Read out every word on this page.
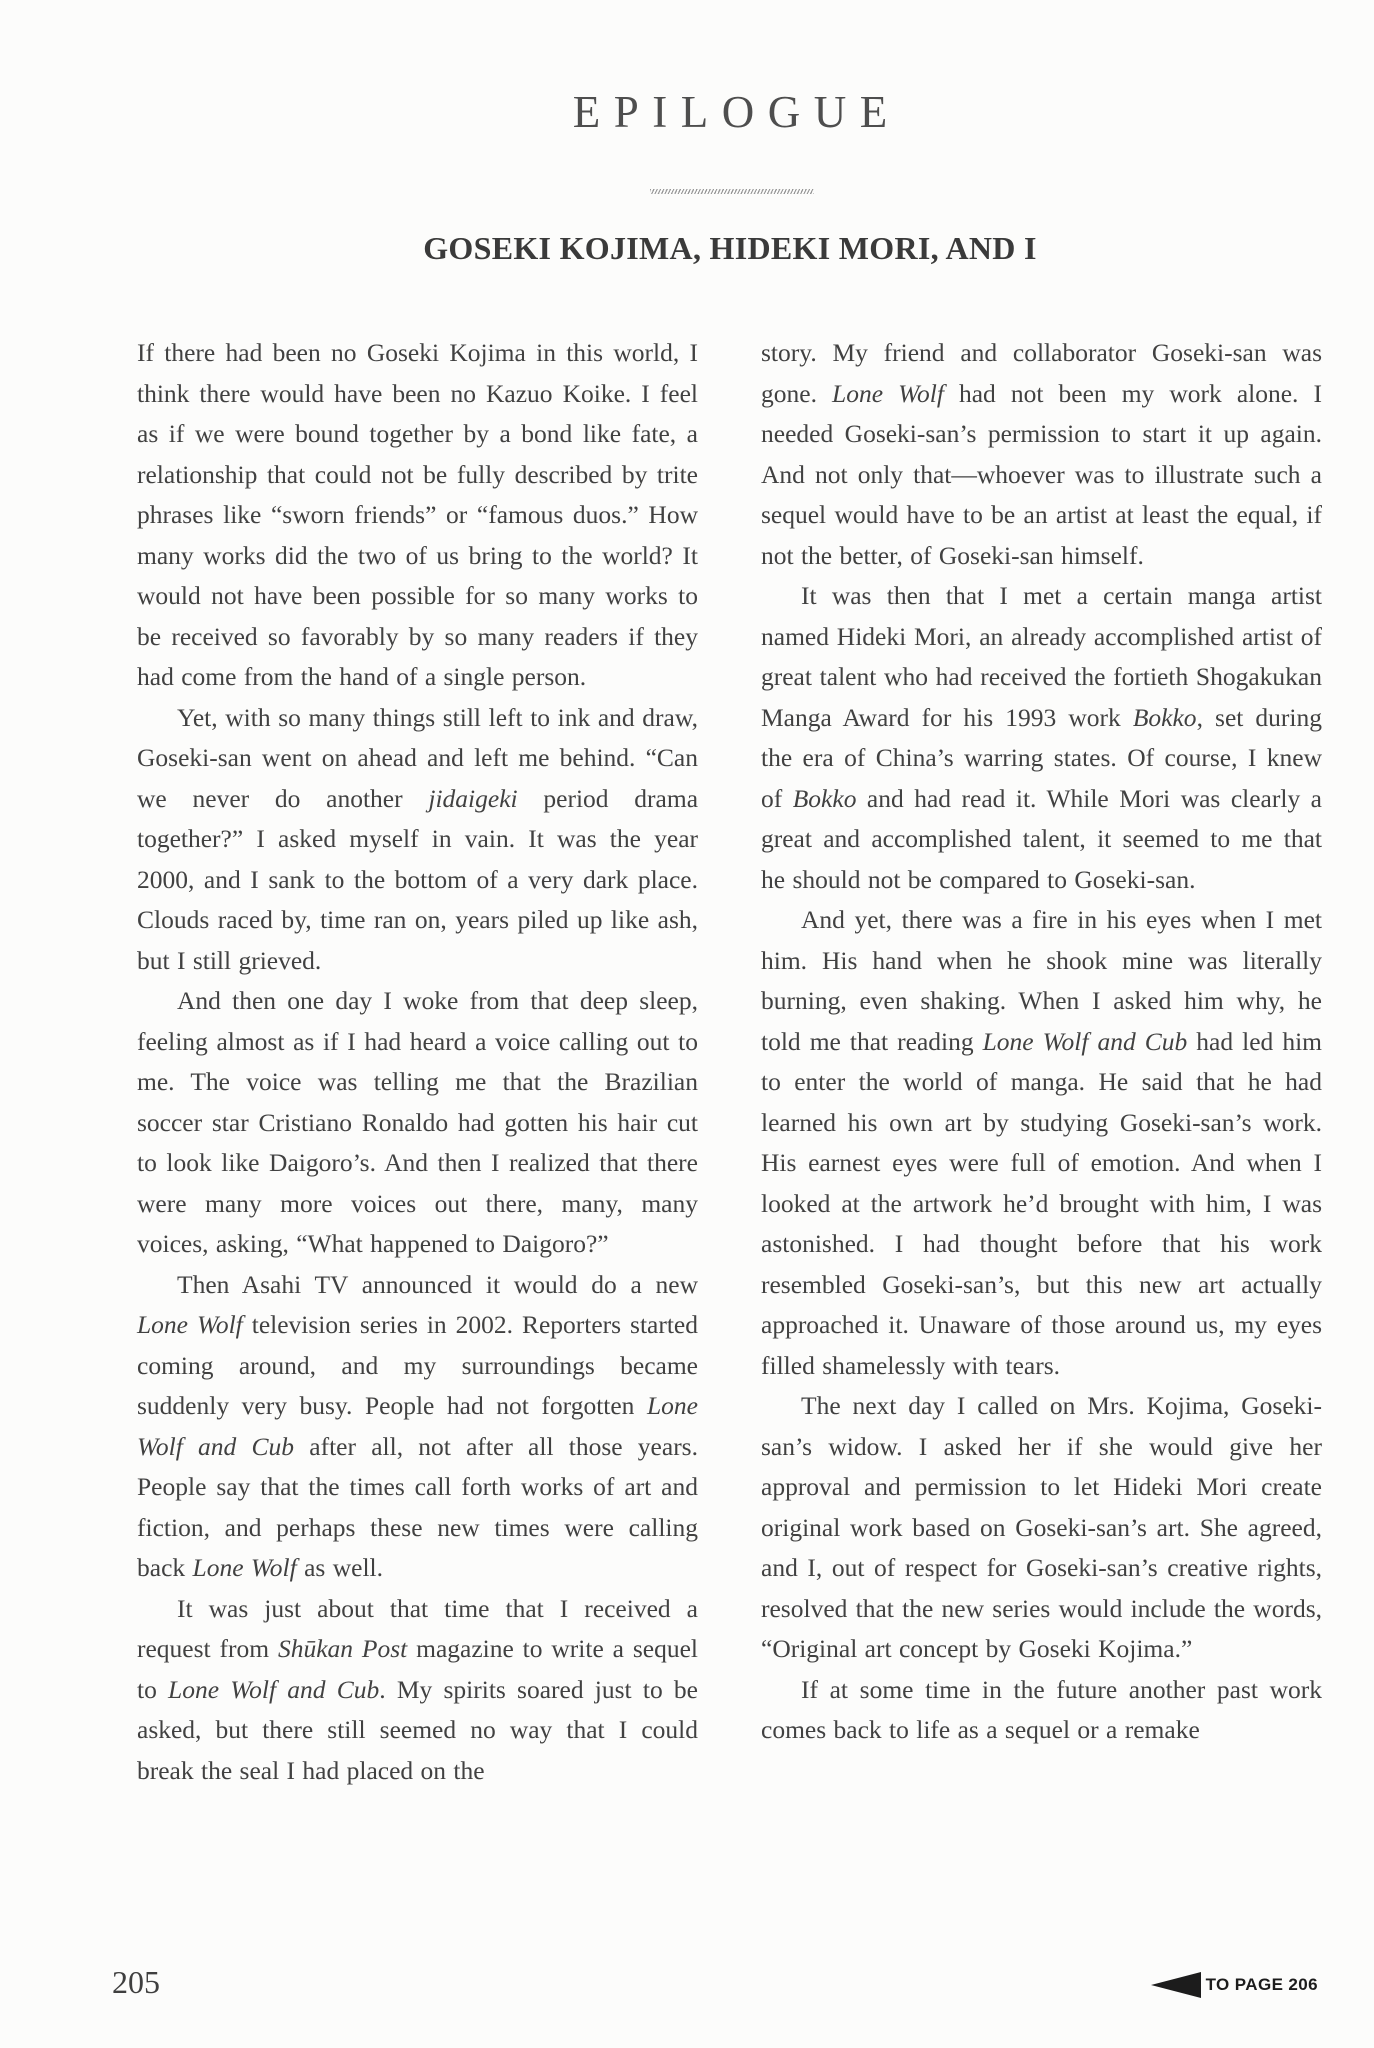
EPILOGUE
GOSEKI KOJIMA, HIDEKI MORI, AND I

If there had been no Goseki Kojima in this world, I think there would have been no Kazuo Koike. I feel as if we were bound together by a bond like fate, a relationship that could not be fully described by trite phrases like “sworn friends” or “famous duos.” How many works did the two of us bring to the world? It would not have been possible for so many works to be received so favorably by so many readers if they had come from the hand of a single person.

Yet, with so many things still left to ink and draw, Goseki-san went on ahead and left me behind. “Can we never do another jidaigeki period drama together?” I asked myself in vain. It was the year 2000, and I sank to the bottom of a very dark place. Clouds raced by, time ran on, years piled up like ash, but I still grieved.

And then one day I woke from that deep sleep, feeling almost as if I had heard a voice calling out to me. The voice was telling me that the Brazilian soccer star Cristiano Ronaldo had gotten his hair cut to look like Daigoro’s. And then I realized that there were many more voices out there, many, many voices, asking, “What happened to Daigoro?”

Then Asahi TV announced it would do a new Lone Wolf television series in 2002. Reporters started coming around, and my surroundings became suddenly very busy. People had not forgotten Lone Wolf and Cub after all, not after all those years. People say that the times call forth works of art and fiction, and perhaps these new times were calling back Lone Wolf as well.

It was just about that time that I received a request from Shūkan Post magazine to write a sequel to Lone Wolf and Cub. My spirits soared just to be asked, but there still seemed no way that I could break the seal I had placed on the

story. My friend and collaborator Goseki-san was gone. Lone Wolf had not been my work alone. I needed Goseki-san’s permission to start it up again. And not only that—whoever was to illustrate such a sequel would have to be an artist at least the equal, if not the better, of Goseki-san himself.

It was then that I met a certain manga artist named Hideki Mori, an already accomplished artist of great talent who had received the fortieth Shogakukan Manga Award for his 1993 work Bokko, set during the era of China’s warring states. Of course, I knew of Bokko and had read it. While Mori was clearly a great and accomplished talent, it seemed to me that he should not be compared to Goseki-san.

And yet, there was a fire in his eyes when I met him. His hand when he shook mine was literally burning, even shaking. When I asked him why, he told me that reading Lone Wolf and Cub had led him to enter the world of manga. He said that he had learned his own art by studying Goseki-san’s work. His earnest eyes were full of emotion. And when I looked at the artwork he’d brought with him, I was astonished. I had thought before that his work resembled Goseki-san’s, but this new art actually approached it. Unaware of those around us, my eyes filled shamelessly with tears.

The next day I called on Mrs. Kojima, Goseki-san’s widow. I asked her if she would give her approval and permission to let Hideki Mori create original work based on Goseki-san’s art. She agreed, and I, out of respect for Goseki-san’s creative rights, resolved that the new series would include the words, “Original art concept by Goseki Kojima.”

If at some time in the future another past work comes back to life as a sequel or a remake

205	TO PAGE 206
